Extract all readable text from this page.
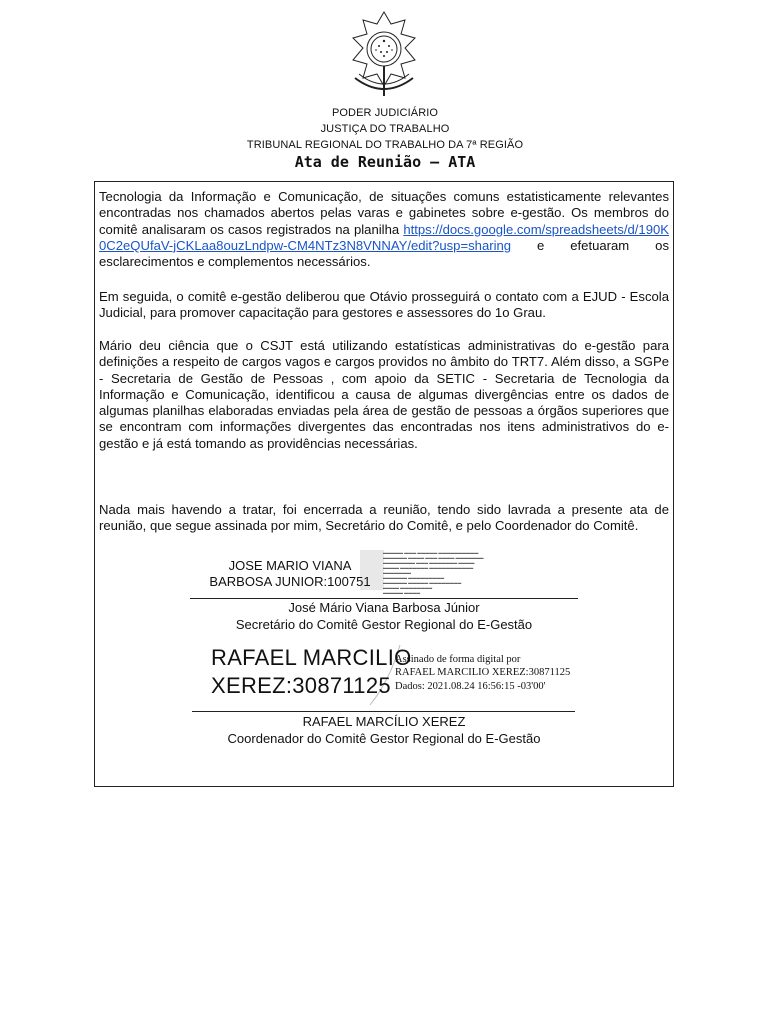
PODER JUDICIÁRIO
JUSTIÇA DO TRABALHO
TRIBUNAL REGIONAL DO TRABALHO DA 7ª REGIÃO
Ata de Reunião – ATA
Tecnologia da Informação e Comunicação, de situações comuns estatisticamente relevantes encontradas nos chamados abertos pelas varas e gabinetes sobre e-gestão. Os membros do comitê analisaram os casos registrados na planilha https://docs.google.com/spreadsheets/d/190K0C2eQUfaV-jCKLaa8ouzLndpw-CM4NTz3N8VNNAY/edit?usp=sharing e efetuaram os esclarecimentos e complementos necessários.
Em seguida, o comitê e-gestão deliberou que Otávio prosseguirá o contato com a EJUD - Escola Judicial, para promover capacitação para gestores e assessores do 1o Grau.
Mário deu ciência que o CSJT está utilizando estatísticas administrativas do e-gestão para definições a respeito de cargos vagos e cargos providos no âmbito do TRT7. Além disso, a SGPe - Secretaria de Gestão de Pessoas , com apoio da SETIC - Secretaria de Tecnologia da Informação e Comunicação, identificou a causa de algumas divergências entre os dados de algumas planilhas elaboradas enviadas pela área de gestão de pessoas a órgãos superiores que se encontram com informações divergentes das encontradas nos itens administrativos do e-gestão e já está tomando as providências necessárias.
Nada mais havendo a tratar, foi encerrada a reunião, tendo sido lavrada a presente ata de reunião, que segue assinada por mim, Secretário do Comitê, e pelo Coordenador do Comitê.
▬▬▬▬▬ ▬▬▬ ▬▬▬▬▬ ▬▬▬▬▬▬▬▬▬▬
▬▬▬▬▬▬ ▬▬▬▬ ▬▬▬ ▬▬▬▬ ▬▬▬▬▬▬▬
▬▬▬▬▬▬▬▬ ▬▬▬ ▬▬▬▬▬▬▬ ▬▬▬▬
▬▬▬▬ ▬▬▬▬▬▬▬ ▬▬▬▬▬▬▬▬▬▬▬
▬▬▬▬▬▬▬
▬▬▬▬▬▬ ▬▬▬▬▬▬▬▬▬
▬▬▬▬▬▬ ▬▬▬▬▬ ▬▬▬▬▬▬▬▬
▬▬▬▬ ▬▬▬▬▬▬▬▬
▬▬▬▬▬ ▬▬▬▬
JOSE MARIO VIANA
BARBOSA JUNIOR:100751
José Mário Viana Barbosa Júnior
Secretário do Comitê Gestor Regional do E-Gestão
RAFAEL MARCILIO
XEREZ:30871125
Assinado de forma digital por
RAFAEL MARCILIO XEREZ:30871125
Dados: 2021.08.24 16:56:15 -03'00'
RAFAEL MARCÍLIO XEREZ
Coordenador do Comitê Gestor Regional do E-Gestão
